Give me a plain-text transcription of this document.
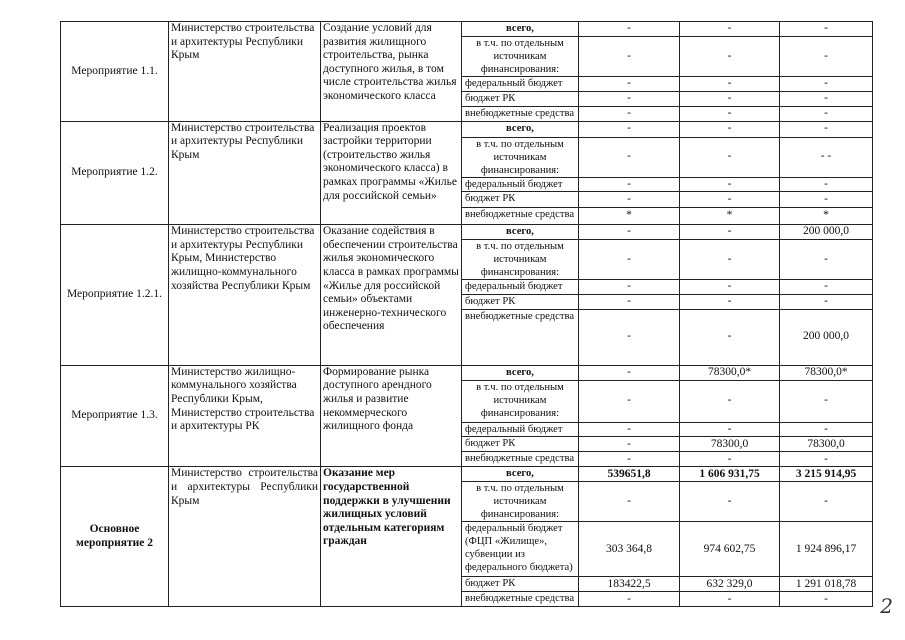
Мероприятие 1.1.	Министерство строительства и архитектуры Республики Крым	Создание условий для развития жилищного строительства, рынка доступного жилья, в том числе строительства жилья экономического класса	всего,	-	-	-

			в т.ч. по отдельным источникам финансирования:	-	-	-
			федеральный бюджет	-	-	-
			бюджет РК	-	-	-
			внебюджетные средства	-	-	-
Мероприятие 1.2.	Министерство строительства и архитектуры Республики Крым	Реализация проектов застройки территории (строительство жилья экономического класса) в рамках программы «Жилье для российской семьи»	всего,	-	-	-

			в т.ч. по отдельным источникам финансирования:	-	-	- -
			федеральный бюджет	-	-	-
			бюджет РК	-	-	-
			внебюджетные средства	*	*	*
Мероприятие 1.2.1.	Министерство строительства и архитектуры Республики Крым, Министерство жилищно-коммунального хозяйства Республики Крым	Оказание содействия в обеспечении строительства жилья экономического класса в рамках программы «Жилье для российской семьи» объектами инженерно-технического обеспечения	всего,	-	-	200 000,0

			в т.ч. по отдельным источникам финансирования:	-	-	-
			федеральный бюджет	-	-	-
			бюджет РК	-	-	-
			внебюджетные средства	-	-	200 000,0
Мероприятие 1.3.	Министерство жилищно-коммунального хозяйства Республики Крым, Министерство строительства и архитектуры РК	Формирование рынка доступного арендного жилья и развитие некоммерческого жилищного фонда	всего,	-	78300,0*	78300,0*

			в т.ч. по отдельным источникам финансирования:	-	-	-
			федеральный бюджет	-	-	-
			бюджет РК	-	78300,0	78300,0
			внебюджетные средства	-	-	-
Основное мероприятие 2	Министерство строительства и архитектуры Республики Крым	Оказание мер государственной поддержки в улучшении жилищных условий отдельным категориям граждан	всего,	539651,8	1 606 931,75	3 215 914,95

			в т.ч. по отдельным источникам финансирования:	-	-	-
			федеральный бюджет (ФЦП «Жилище», субвенции из федерального бюджета)	303 364,8	974 602,75	1 924 896,17
			бюджет РК	183422,5	632 329,0	1 291 018,78
			внебюджетные средства	-	-	-	2
